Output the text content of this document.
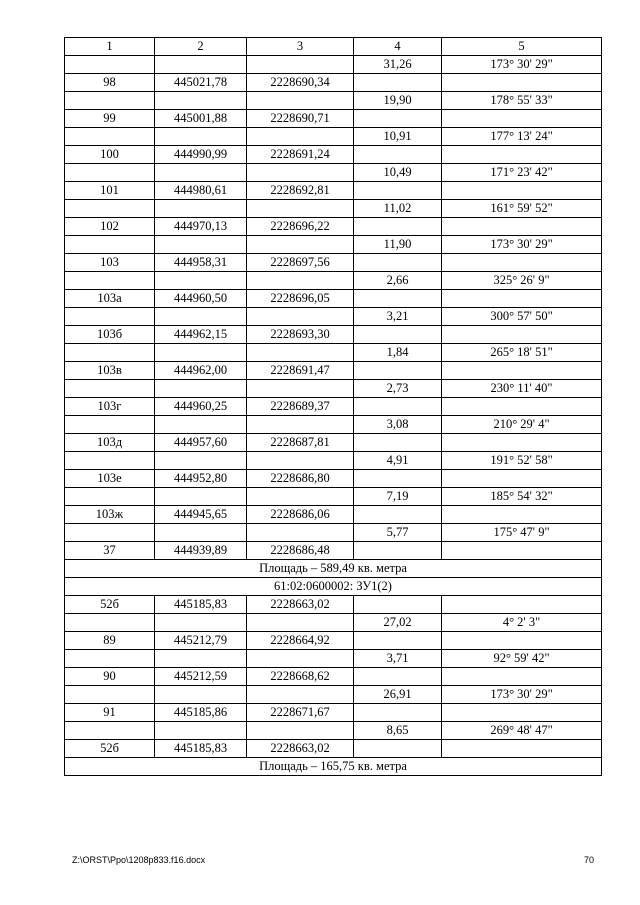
1	2	3	4	5
			31,26	173° 30' 29"
98	445021,78	2228690,34		
			19,90	178° 55' 33"
99	445001,88	2228690,71		
			10,91	177° 13' 24"
100	444990,99	2228691,24		
			10,49	171° 23' 42"
101	444980,61	2228692,81		
			11,02	161° 59' 52"
102	444970,13	2228696,22		
			11,90	173° 30' 29"
103	444958,31	2228697,56		
			2,66	325° 26' 9"
103а	444960,50	2228696,05		
			3,21	300° 57' 50"
103б	444962,15	2228693,30		
			1,84	265° 18' 51"
103в	444962,00	2228691,47		
			2,73	230° 11' 40"
103г	444960,25	2228689,37		
			3,08	210° 29' 4"
103д	444957,60	2228687,81		
			4,91	191° 52' 58"
103е	444952,80	2228686,80		
			7,19	185° 54' 32"
103ж	444945,65	2228686,06		
			5,77	175° 47' 9"
37	444939,89	2228686,48		
Площадь – 589,49 кв. метра				
61:02:0600002: ЗУ1(2)				
52б	445185,83	2228663,02		
			27,02	4° 2' 3"
89	445212,79	2228664,92		
			3,71	92° 59' 42"
90	445212,59	2228668,62		
			26,91	173° 30' 29"
91	445185,86	2228671,67		
			8,65	269° 48' 47"
52б	445185,83	2228663,02		
Площадь – 165,75 кв. метра				
Z:\ORST\Ppo\1208p833.f16.docx	70
